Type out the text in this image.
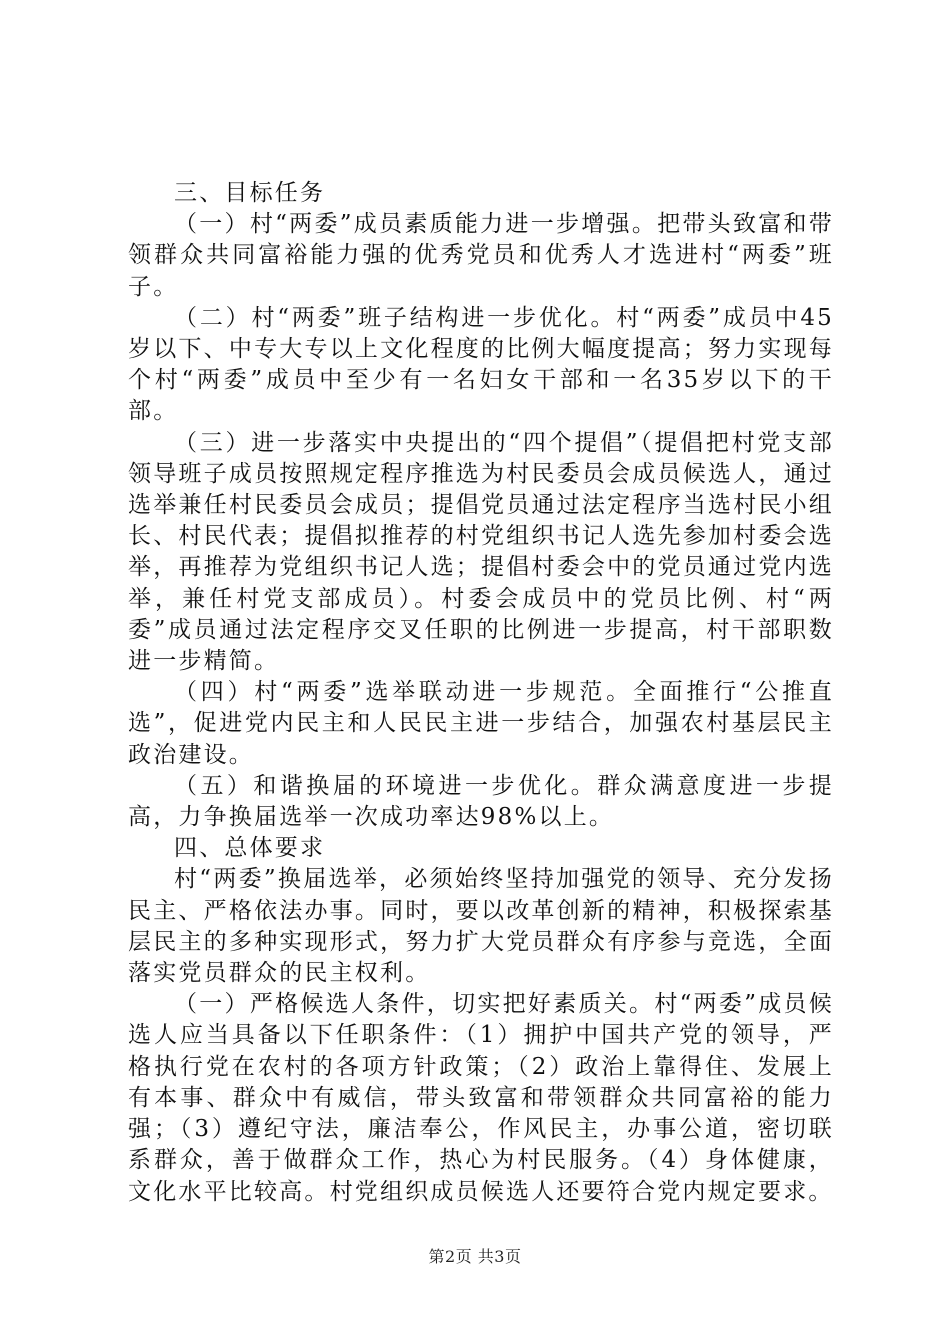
三、目标任务

（一）村“两委”成员素质能力进一步增强。把带头致富和带领群众共同富裕能力强的优秀党员和优秀人才选进村“两委”班子。

（二）村“两委”班子结构进一步优化。村“两委”成员中45岁以下、中专大专以上文化程度的比例大幅度提高；努力实现每个村“两委”成员中至少有一名妇女干部和一名35岁以下的干部。

（三）进一步落实中央提出的“四个提倡”（提倡把村党支部领导班子成员按照规定程序推选为村民委员会成员候选人，通过选举兼任村民委员会成员；提倡党员通过法定程序当选村民小组长、村民代表；提倡拟推荐的村党组织书记人选先参加村委会选举，再推荐为党组织书记人选；提倡村委会中的党员通过党内选举，兼任村党支部成员）。村委会成员中的党员比例、村“两委”成员通过法定程序交叉任职的比例进一步提高，村干部职数进一步精简。

（四）村“两委”选举联动进一步规范。全面推行“公推直选”，促进党内民主和人民民主进一步结合，加强农村基层民主政治建设。

（五）和谐换届的环境进一步优化。群众满意度进一步提高，力争换届选举一次成功率达98%以上。

四、总体要求

村“两委”换届选举，必须始终坚持加强党的领导、充分发扬民主、严格依法办事。同时，要以改革创新的精神，积极探索基层民主的多种实现形式，努力扩大党员群众有序参与竞选，全面落实党员群众的民主权利。

（一）严格候选人条件，切实把好素质关。村“两委”成员候选人应当具备以下任职条件：（1）拥护中国共产党的领导，严格执行党在农村的各项方针政策；（2）政治上靠得住、发展上有本事、群众中有威信，带头致富和带领群众共同富裕的能力强；（3）遵纪守法，廉洁奉公，作风民主，办事公道，密切联系群众，善于做群众工作，热心为村民服务。（4）身体健康，文化水平比较高。村党组织成员候选人还要符合党内规定要求。

第2页 共3页
